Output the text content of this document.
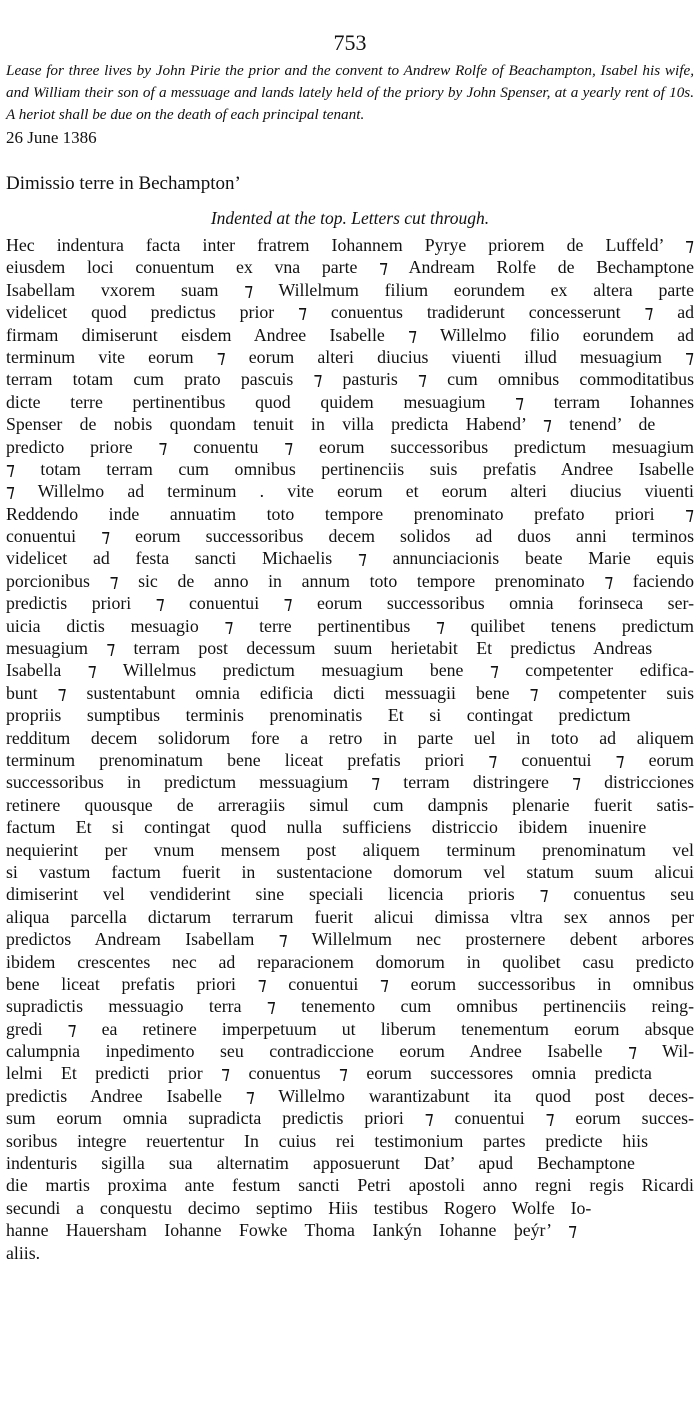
753

Lease for three lives by John Pirie the prior and the convent to Andrew Rolfe of Beachampton, Isabel his wife, and William their son of a messuage and lands lately held of the priory by John Spenser, at a yearly rent of 10s. A heriot shall be due on the death of each principal tenant.

26 June 1386
Dimissio terre in Bechampton’
Indented at the top. Letters cut through.
Hec indentura facta inter fratrem Iohannem Pyrye priorem de Luffeld’ ⁊
eiusdem loci conuentum ex vna parte ⁊ Andream Rolfe de Bechamptone
Isabellam vxorem suam ⁊ Willelmum filium eorundem ex altera parte
videlicet quod predictus prior ⁊ conuentus tradiderunt concesserunt ⁊ ad
firmam dimiserunt eisdem Andree Isabelle ⁊ Willelmo filio eorundem ad
terminum vite eorum ⁊ eorum alteri diucius viuenti illud mesuagium ⁊
terram totam cum prato pascuis ⁊ pasturis ⁊ cum omnibus commoditatibus
dicte terre pertinentibus quod quidem mesuagium ⁊ terram Iohannes
Spenser de nobis quondam tenuit in villa predicta Habend’ ⁊ tenend’ de
predicto priore ⁊ conuentu ⁊ eorum successoribus predictum mesuagium
⁊ totam terram cum omnibus pertinenciis suis prefatis Andree Isabelle
⁊ Willelmo ad terminum . vite eorum et eorum alteri diucius viuenti
Reddendo inde annuatim toto tempore prenominato prefato priori ⁊
conuentui ⁊ eorum successoribus decem solidos ad duos anni terminos
videlicet ad festa sancti Michaelis ⁊ annunciacionis beate Marie equis
porcionibus ⁊ sic de anno in annum toto tempore prenominato ⁊ faciendo
predictis priori ⁊ conuentui ⁊ eorum successoribus omnia forinseca ser-
uicia dictis mesuagio ⁊ terre pertinentibus ⁊ quilibet tenens predictum
mesuagium ⁊ terram post decessum suum herietabit Et predictus Andreas
Isabella ⁊ Willelmus predictum mesuagium bene ⁊ competenter edifica-
bunt ⁊ sustentabunt omnia edificia dicti messuagii bene ⁊ competenter suis
propriis sumptibus terminis prenominatis Et si contingat predictum
redditum decem solidorum fore a retro in parte uel in toto ad aliquem
terminum prenominatum bene liceat prefatis priori ⁊ conuentui ⁊ eorum
successoribus in predictum messuagium ⁊ terram distringere ⁊ districciones
retinere quousque de arreragiis simul cum dampnis plenarie fuerit satis-
factum Et si contingat quod nulla sufficiens districcio ibidem inuenire
nequierint per vnum mensem post aliquem terminum prenominatum vel
si vastum factum fuerit in sustentacione domorum vel statum suum alicui
dimiserint vel vendiderint sine speciali licencia prioris ⁊ conuentus seu
aliqua parcella dictarum terrarum fuerit alicui dimissa vltra sex annos per
predictos Andream Isabellam ⁊ Willelmum nec prosternere debent arbores
ibidem crescentes nec ad reparacionem domorum in quolibet casu predicto
bene liceat prefatis priori ⁊ conuentui ⁊ eorum successoribus in omnibus
supradictis messuagio terra ⁊ tenemento cum omnibus pertinenciis reing-
gredi ⁊ ea retinere imperpetuum ut liberum tenementum eorum absque
calumpnia inpedimento seu contradiccione eorum Andree Isabelle ⁊ Wil-
lelmi Et predicti prior ⁊ conuentus ⁊ eorum successores omnia predicta
predictis Andree Isabelle ⁊ Willelmo warantizabunt ita quod post deces-
sum eorum omnia supradicta predictis priori ⁊ conuentui ⁊ eorum succes-
soribus integre reuertentur In cuius rei testimonium partes predicte hiis
indenturis sigilla sua alternatim apposuerunt Dat’ apud Bechamptone
die martis proxima ante festum sancti Petri apostoli anno regni regis Ricardi
secundi a conquestu decimo septimo Hiis testibus Rogero Wolfe Io-
hanne Hauersham Iohanne Fowke Thoma Iankýn Iohanne þeýr’ ⁊
aliis.
